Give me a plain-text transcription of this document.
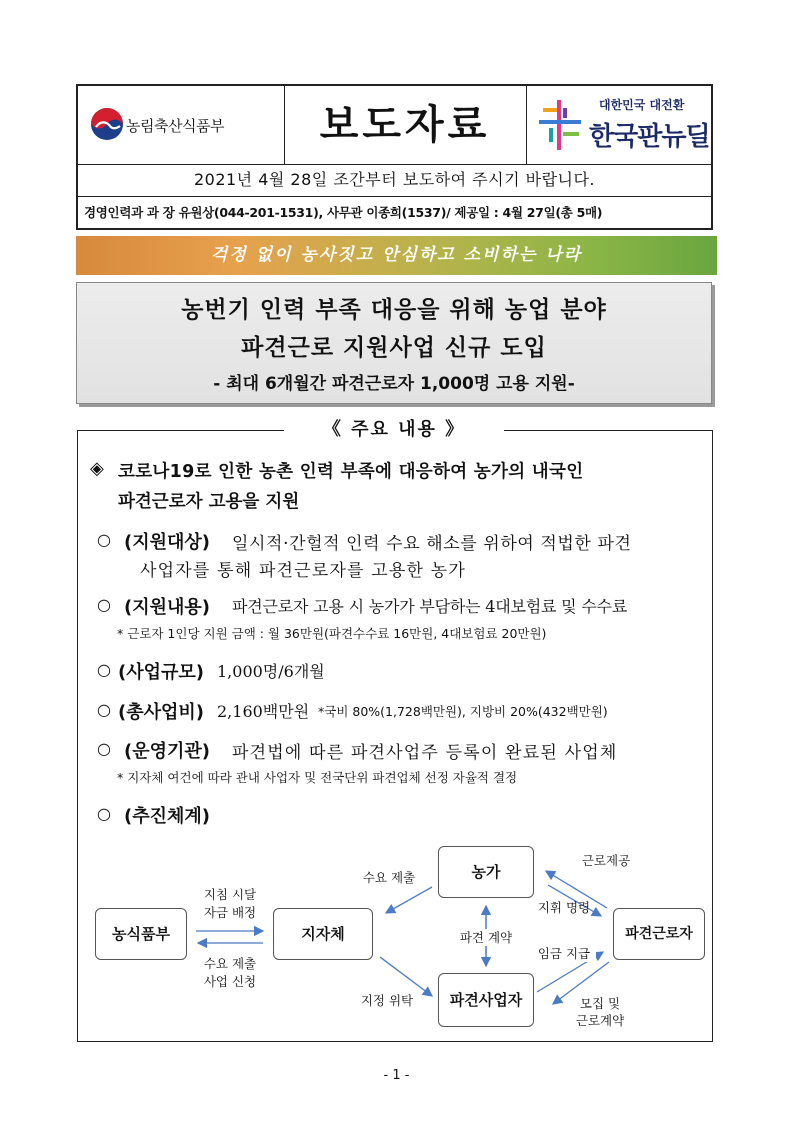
농림축산식품부	보도자료	대한민국 대전환
한국판뉴딜
2021년 4월 28일 조간부터 보도하여 주시기 바랍니다.
경영인력과 과 장 유원상(044-201-1531), 사무관 이종희(1537)/ 제공일 : 4월 27일(총 5매)
걱정 없이 농사짓고 안심하고 소비하는 나라
농번기 인력 부족 대응을 위해 농업 분야
파견근로 지원사업 신규 도입
- 최대 6개월간 파견근로자 1,000명 고용 지원-
《 주요 내용 》
◈ 코로나19로 인한 농촌 인력 부족에 대응하여 농가의 내국인
파견근로자 고용을 지원
○ (지원대상) 일시적·간헐적 인력 수요 해소를 위하여 적법한 파견
사업자를 통해 파견근로자를 고용한 농가
○ (지원내용) 파견근로자 고용 시 농가가 부담하는 4대보험료 및 수수료
* 근로자 1인당 지원 금액 : 월 36만원(파견수수료 16만원, 4대보험료 20만원)
○ (사업규모) 1,000명/6개월
○ (총사업비) 2,160백만원 *국비 80%(1,728백만원), 지방비 20%(432백만원)
○ (운영기관) 파견법에 따른 파견사업주 등록이 완료된 사업체
* 지자체 여건에 따라 관내 사업자 및 전국단위 파견업체 선정 자율적 결정
○ (추진체계)
농식품부	지자체
농가
파견사업자
파견근로자
지침 시달
자금 배정
수요 제출
사업 신청
수요 제출
지정 위탁
파견 계약
근로제공
지휘 명령
임금 지급
모집 및
근로계약
- 1 -
